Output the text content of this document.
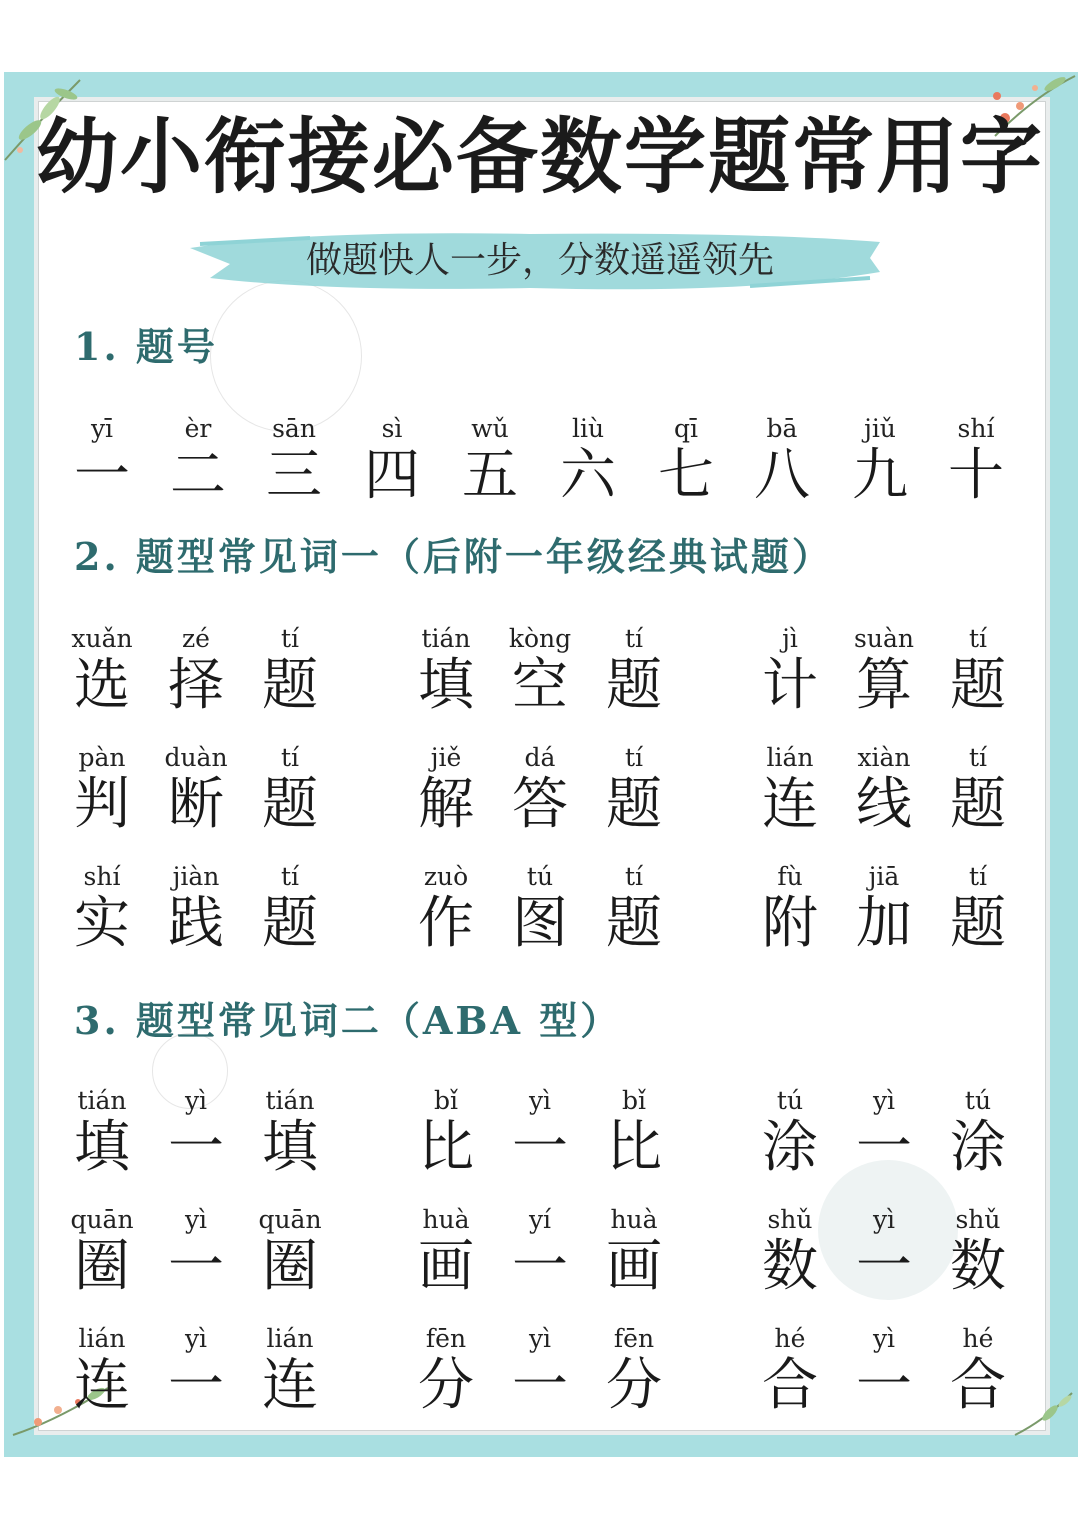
幼小衔接必备数学题常用字
做题快人一步，分数遥遥领先
1. 题号
2. 题型常见词一（后附一年级经典试题）
3. 题型常见词二（ABA 型）
yī
一
èr
二
sān
三
sì
四
wǔ
五
liù
六
qī
七
bā
八
jiǔ
九
shí
十
xuǎn
选
zé
择
tí
题
tián
填
kòng
空
tí
题
jì
计
suàn
算
tí
题
pàn
判
duàn
断
tí
题
jiě
解
dá
答
tí
题
lián
连
xiàn
线
tí
题
shí
实
jiàn
践
tí
题
zuò
作
tú
图
tí
题
fù
附
jiā
加
tí
题
tián
填
yì
一
tián
填
bǐ
比
yì
一
bǐ
比
tú
涂
yì
一
tú
涂
quān
圈
yì
一
quān
圈
huà
画
yí
一
huà
画
shǔ
数
yì
一
shǔ
数
lián
连
yì
一
lián
连
fēn
分
yì
一
fēn
分
hé
合
yì
一
hé
合
